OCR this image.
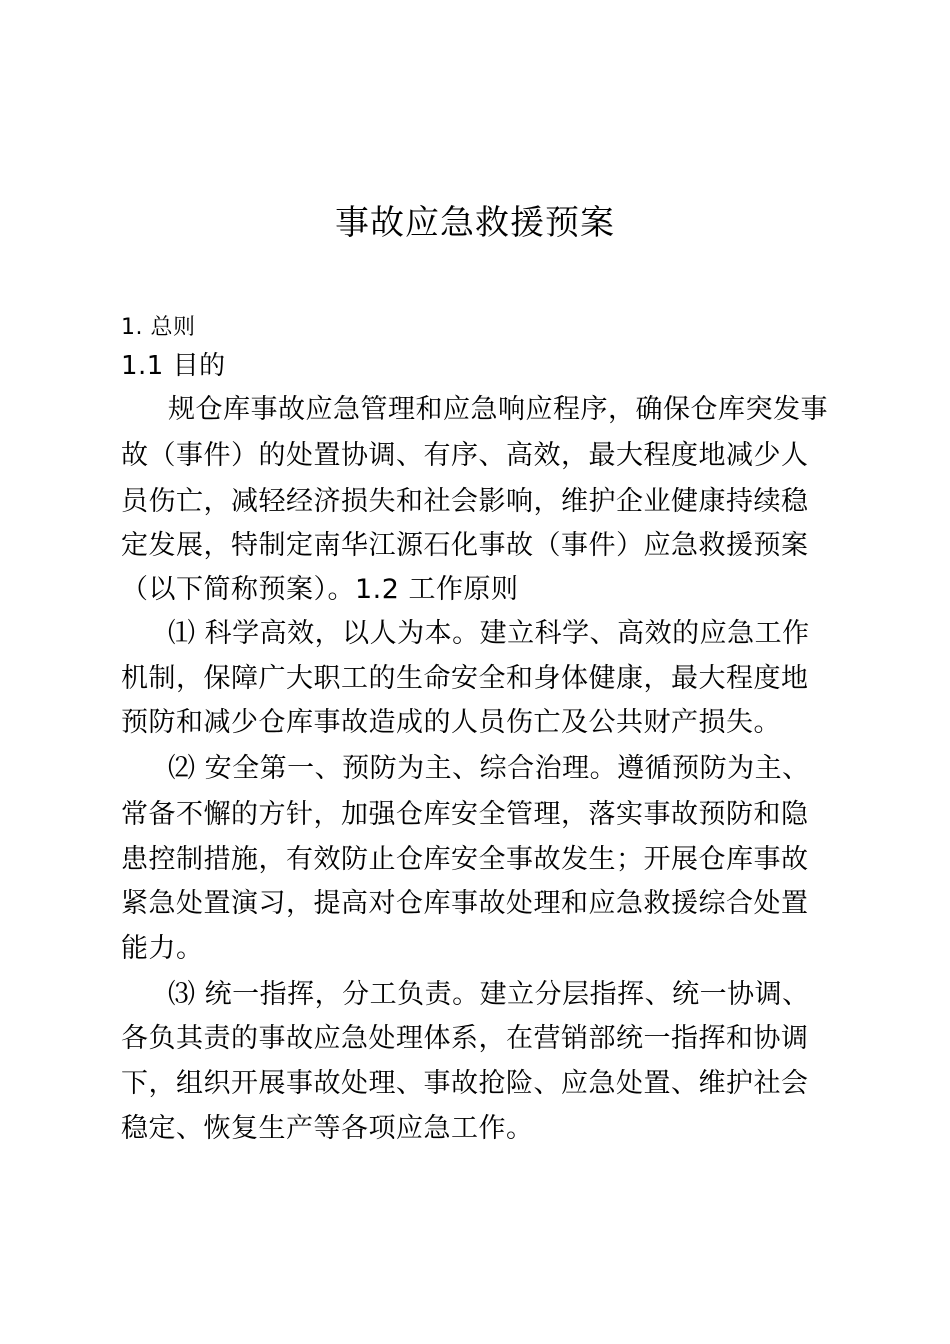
事故应急救援预案
1. 总则
1.1 目的
规仓库事故应急管理和应急响应程序，确保仓库突发事
故（事件）的处置协调、有序、高效，最大程度地减少人
员伤亡，减轻经济损失和社会影响，维护企业健康持续稳
定发展，特制定南华江源石化事故（事件）应急救援预案
（以下简称预案）。1.2 工作原则
⑴ 科学高效，以人为本。建立科学、高效的应急工作
机制，保障广大职工的生命安全和身体健康，最大程度地
预防和减少仓库事故造成的人员伤亡及公共财产损失。
⑵ 安全第一、预防为主、综合治理。遵循预防为主、
常备不懈的方针，加强仓库安全管理，落实事故预防和隐
患控制措施，有效防止仓库安全事故发生；开展仓库事故
紧急处置演习，提高对仓库事故处理和应急救援综合处置
能力。
⑶ 统一指挥，分工负责。建立分层指挥、统一协调、
各负其责的事故应急处理体系，在营销部统一指挥和协调
下，组织开展事故处理、事故抢险、应急处置、维护社会
稳定、恢复生产等各项应急工作。
